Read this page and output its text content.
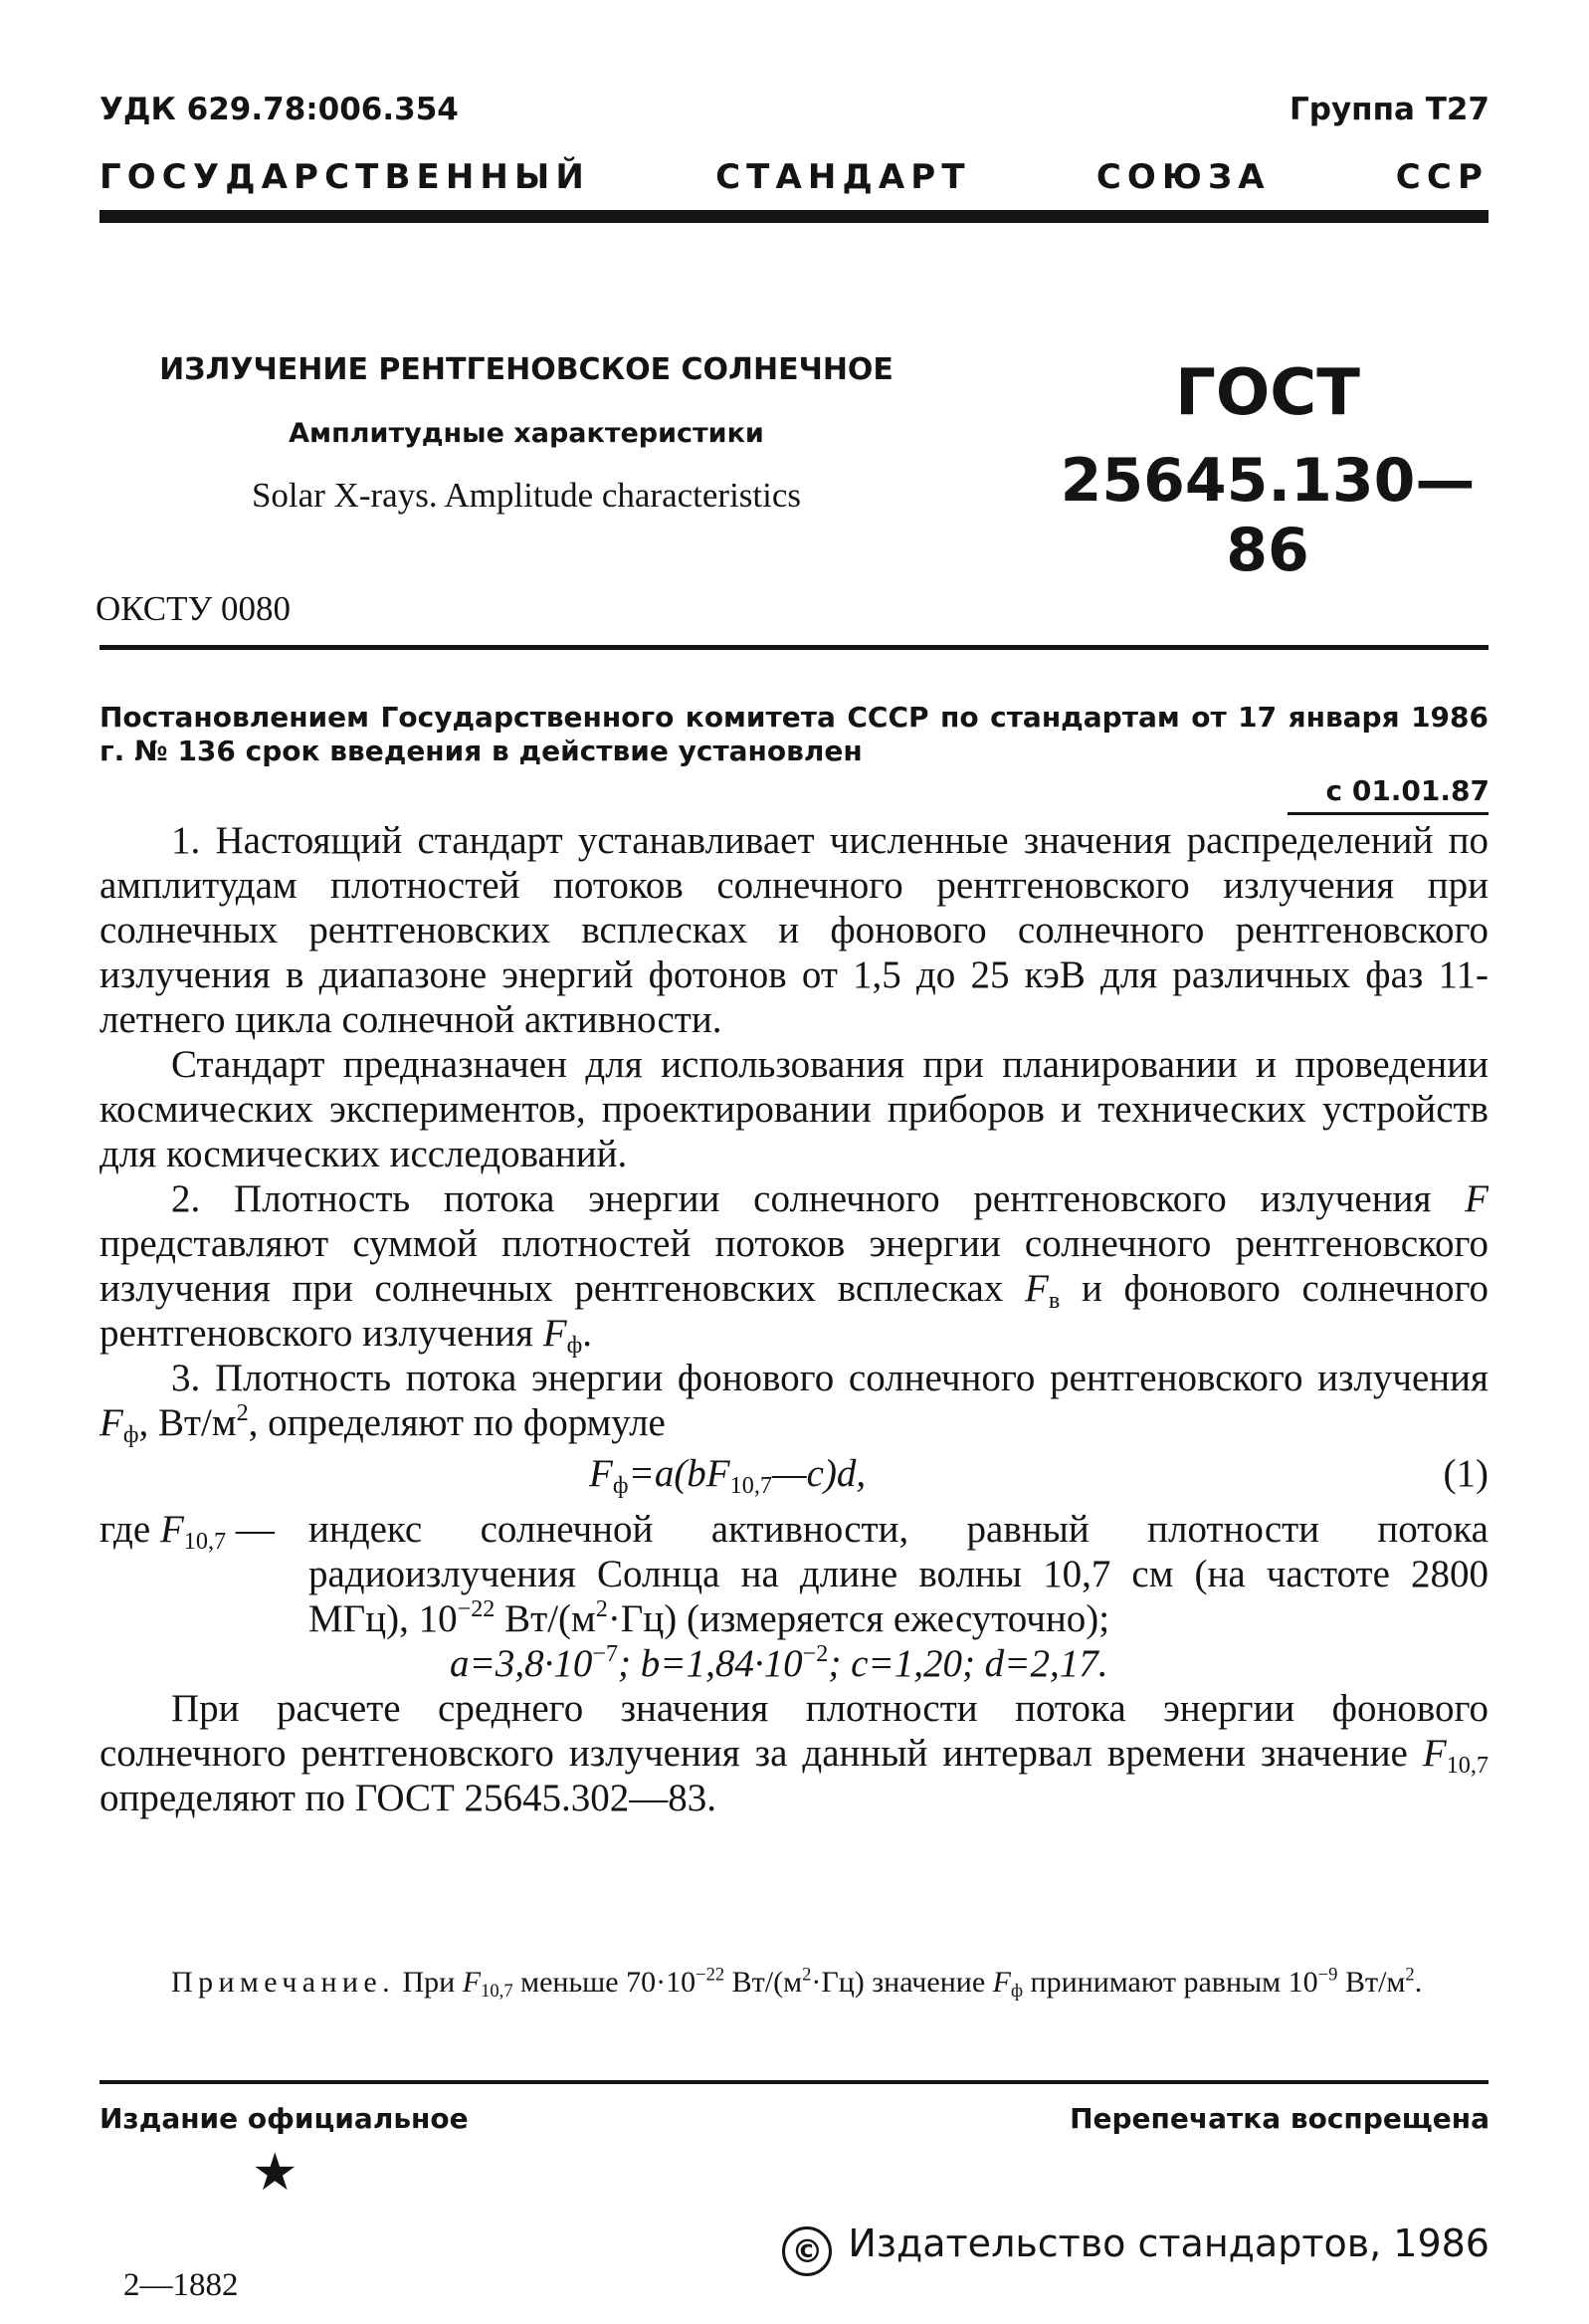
УДК 629.78:006.354	Группа Т27
ГОСУДАРСТВЕННЫЙ	СТАНДАРТ	СОЮЗА	ССР
ИЗЛУЧЕНИЕ РЕНТГЕНОВСКОЕ СОЛНЕЧНОЕ
Амплитудные характеристики
Solar X-rays. Amplitude characteristics
ГОСТ
25645.130—86
ОКСТУ 0080
Постановлением Государственного комитета СССР по стандартам от 17 января 1986 г. № 136 срок введения в действие установлен
с 01.01.87

1. Настоящий стандарт устанавливает численные значения распределений по амплитудам плотностей потоков солнечного рентгеновского излучения при солнечных рентгеновских всплесках и фонового солнечного рентгеновского излучения в диапазоне энергий фотонов от 1,5 до 25 кэВ для различных фаз 11-летнего цикла солнечной активности.

Стандарт предназначен для использования при планировании и проведении космических экспериментов, проектировании приборов и технических устройств для космических исследований.

2. Плотность потока энергии солнечного рентгеновского излучения F представляют суммой плотностей потоков энергии солнечного рентгеновского излучения при солнечных рентгеновских всплесках $F_в$ и фонового солнечного рентгеновского излучения $F_ф$.

3. Плотность потока энергии фонового солнечного рентгеновского излучения $F_ф$, $Вт/м^2$, определяют по формуле

$F_ф=a(bF_{10,7}—c)d$,	(1)
где $F_{10,7}$ — индекс солнечной активности, равный плотности потока радиоизлучения Солнца на длине волны 10,7 см (на частоте 2800 МГц), $10^{-22}$ $Вт/(м^2\cdot Гц)$ (измеряется ежесуточно);

$a=3,8\cdot 10^{-7}$; $b=1,84\cdot 10^{-2}$; c=1,20; d=2,17.

При расчете среднего значения плотности потока энергии фонового солнечного рентгеновского излучения за данный интервал времени значение $F_{10,7}$ определяют по ГОСТ 25645.302—83.

Примечание. При $F_{10,7}$ меньше $70\cdot 10^{-22}$ $Вт/(м^2\cdot Гц)$ значение $F_ф$ принимают равным $10^{-9}$ $Вт/м^2$.
Издание официальное	Перепечатка воспрещена
★
© Издательство стандартов, 1986
2—1882
